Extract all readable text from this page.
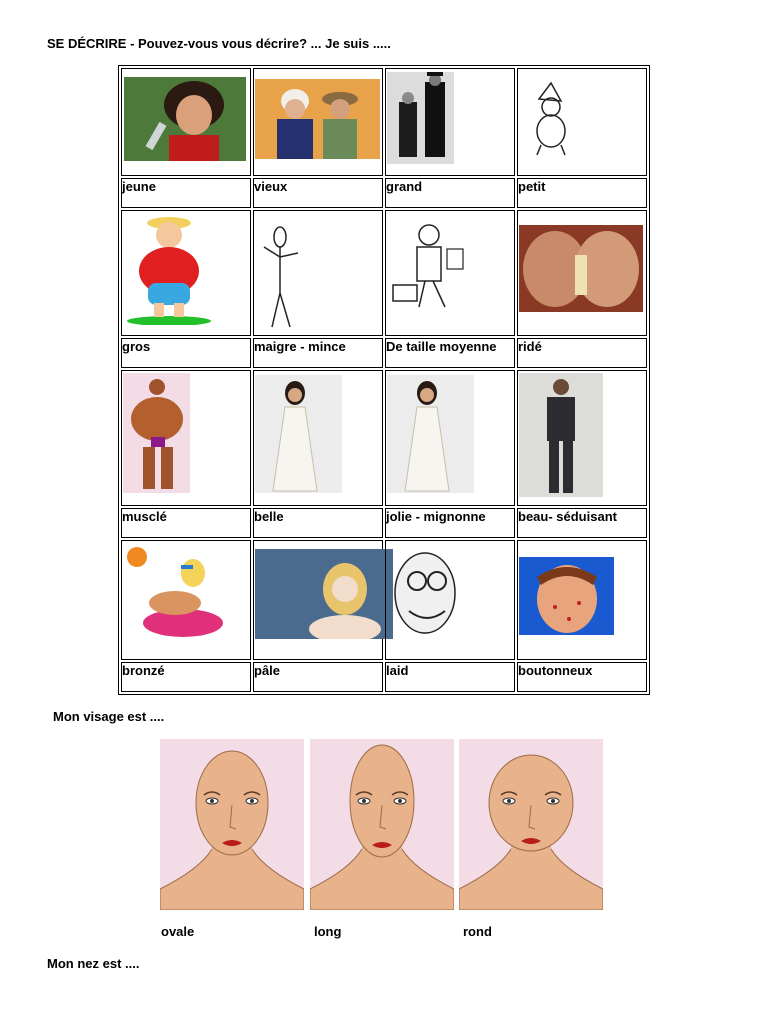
SE DÉCRIRE - Pouvez-vous vous décrire? ... Je suis .....

jeune	vieux	grand	petit

gros	maigre - mince	De taille moyenne	ridé

musclé	belle	jolie - mignonne	beau- séduisant

bronzé	pâle	laid	boutonneux
Mon visage est ....
ovale	long	rond
Mon nez est ....
